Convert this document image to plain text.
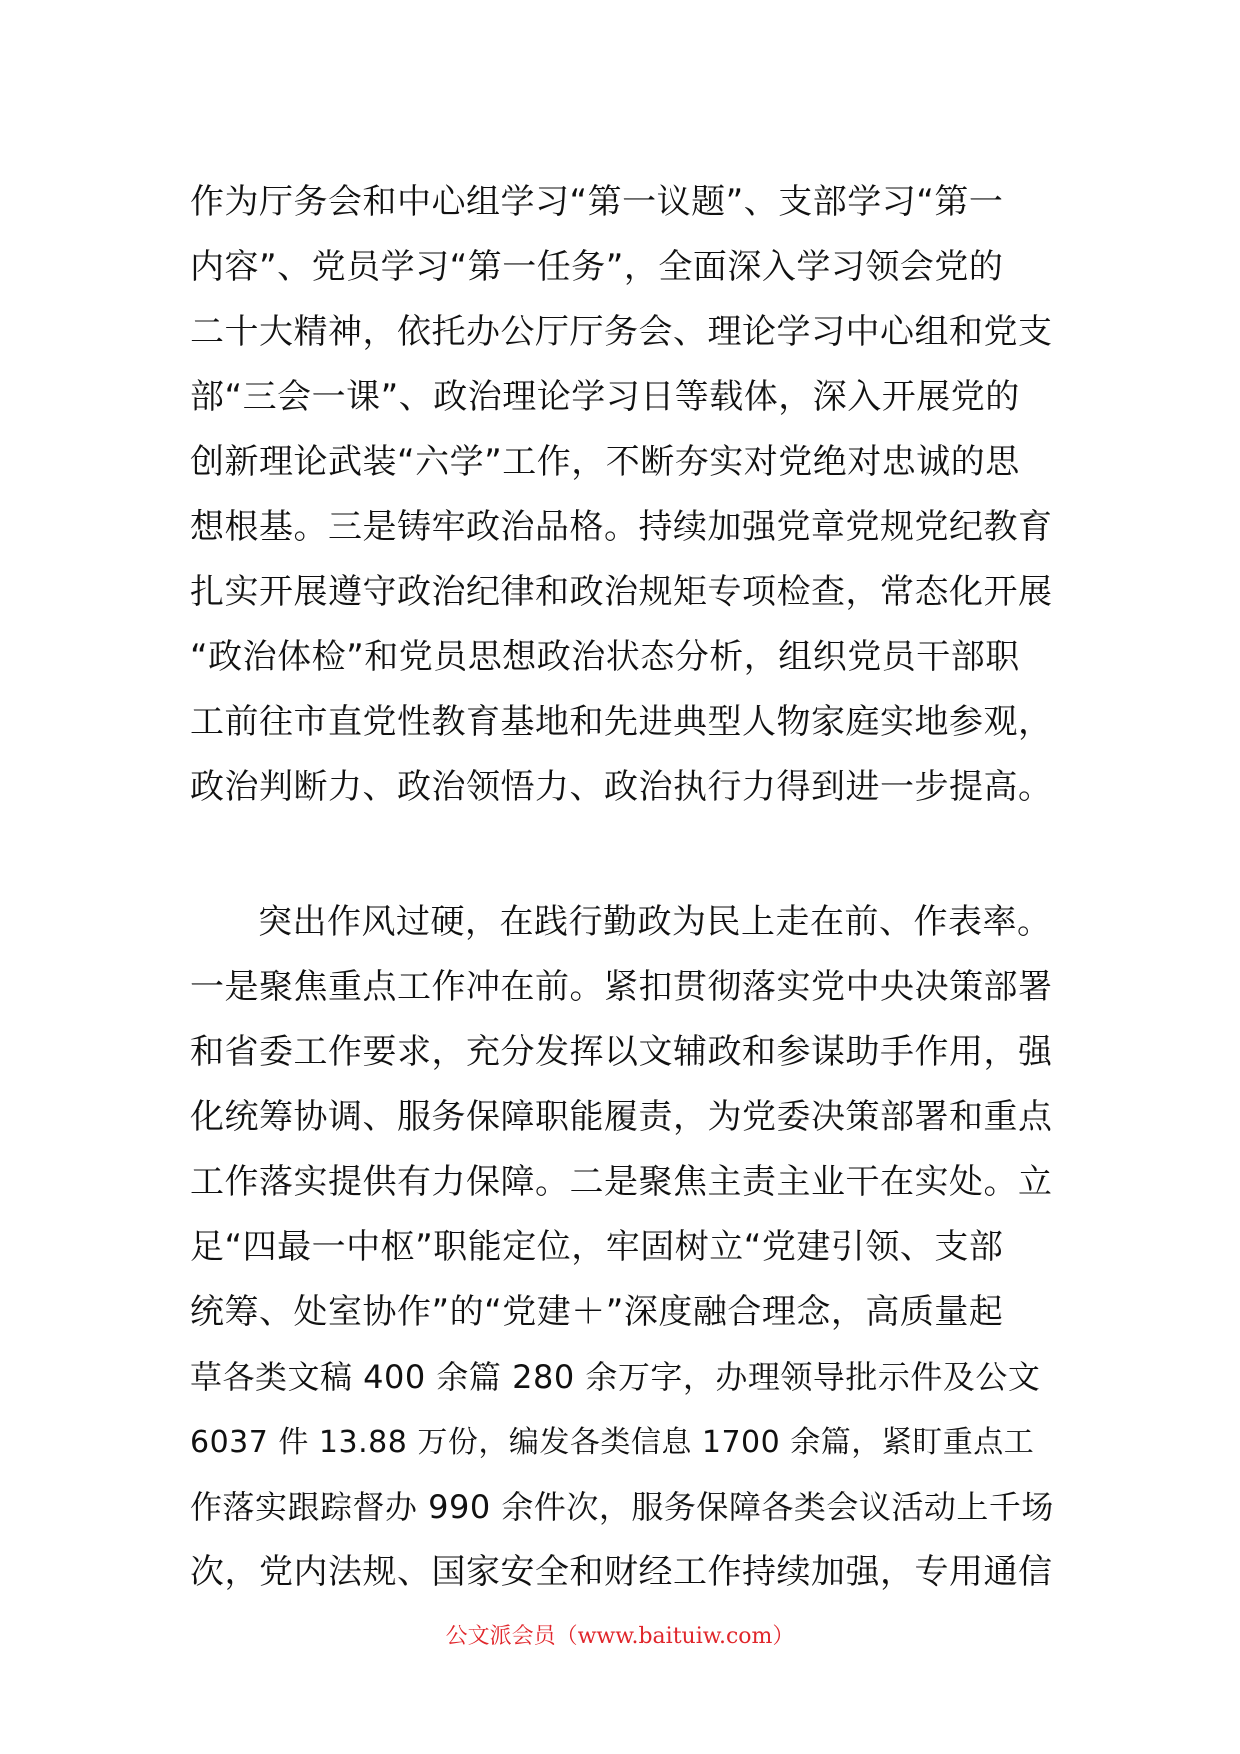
作为厅务会和中心组学习“第一议题”、支部学习“第一
内容”、党员学习“第一任务”，全面深入学习领会党的
二十大精神，依托办公厅厅务会、理论学习中心组和党支
部“三会一课”、政治理论学习日等载体，深入开展党的
创新理论武装“六学”工作，不断夯实对党绝对忠诚的思
想根基。三是铸牢政治品格。持续加强党章党规党纪教育
扎实开展遵守政治纪律和政治规矩专项检查，常态化开展
“政治体检”和党员思想政治状态分析，组织党员干部职
工前往市直党性教育基地和先进典型人物家庭实地参观，
政治判断力、政治领悟力、政治执行力得到进一步提高。
突出作风过硬，在践行勤政为民上走在前、作表率。
一是聚焦重点工作冲在前。紧扣贯彻落实党中央决策部署
和省委工作要求，充分发挥以文辅政和参谋助手作用，强
化统筹协调、服务保障职能履责，为党委决策部署和重点
工作落实提供有力保障。二是聚焦主责主业干在实处。立
足“四最一中枢”职能定位，牢固树立“党建引领、支部
统筹、处室协作”的“党建＋”深度融合理念，高质量起
草各类文稿 400 余篇 280 余万字，办理领导批示件及公文
6037 件 13.88 万份，编发各类信息 1700 余篇，紧盯重点工
作落实跟踪督办 990 余件次，服务保障各类会议活动上千场
次，党内法规、国家安全和财经工作持续加强，专用通信
公文派会员（www.baituiw.com）
